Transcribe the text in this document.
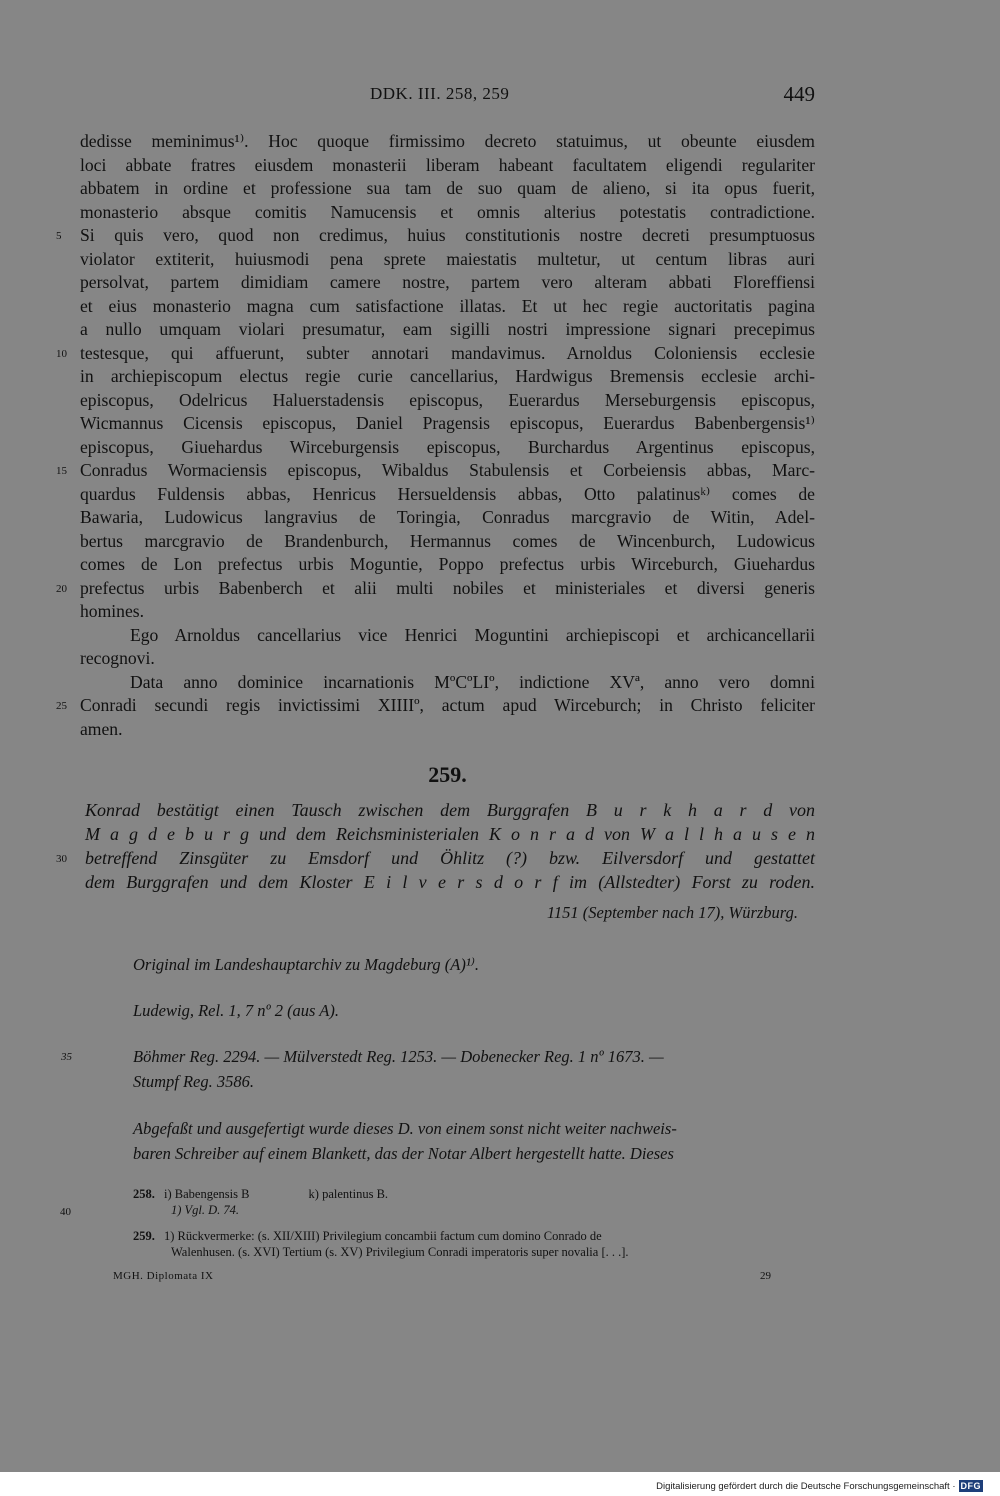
DDK. III. 258, 259	449
dedisse meminimus¹⁾. Hoc quoque firmissimo decreto statuimus, ut obeunte eiusdem
loci abbate fratres eiusdem monasterii liberam habeant facultatem eligendi regulariter
abbatem in ordine et professione sua tam de suo quam de alieno, si ita opus fuerit,
monasterio absque comitis Namucensis et omnis alterius potestatis contradictione.
5 Si quis vero, quod non credimus, huius constitutionis nostre decreti presumptuosus
violator extiterit, huiusmodi pena sprete maiestatis multetur, ut centum libras auri
persolvat, partem dimidiam camere nostre, partem vero alteram abbati Floreffiensi
et eius monasterio magna cum satisfactione illatas. Et ut hec regie auctoritatis pagina
a nullo umquam violari presumatur, eam sigilli nostri impressione signari precepimus
10 testesque, qui affuerunt, subter annotari mandavimus. Arnoldus Coloniensis ecclesie
in archiepiscopum electus regie curie cancellarius, Hardwigus Bremensis ecclesie archi-
episcopus, Odelricus Haluerstadensis episcopus, Euerardus Merseburgensis episcopus,
Wicmannus Cicensis episcopus, Daniel Pragensis episcopus, Euerardus Babenbergensis¹⁾
episcopus, Giuehardus Wirceburgensis episcopus, Burchardus Argentinus episcopus,
15 Conradus Wormaciensis episcopus, Wibaldus Stabulensis et Corbeiensis abbas, Marc-
quardus Fuldensis abbas, Henricus Hersueldensis abbas, Otto palatinusᵏ⁾ comes de
Bawaria, Ludowicus langravius de Toringia, Conradus marcgravio de Witin, Adel-
bertus marcgravio de Brandenburch, Hermannus comes de Wincenburch, Ludowicus
comes de Lon prefectus urbis Moguntie, Poppo prefectus urbis Wirceburch, Giuehardus
20 prefectus urbis Babenberch et alii multi nobiles et ministeriales et diversi generis
homines.
Ego Arnoldus cancellarius vice Henrici Moguntini archiepiscopi et archicancellarii
recognovi.
Data anno dominice incarnationis MºCºLIº, indictione XVª, anno vero domni
25 Conradi secundi regis invictissimi XIIIIº, actum apud Wirceburch; in Christo feliciter
amen.
259.
Konrad bestätigt einen Tausch zwischen dem Burggrafen B u r k h a r d von
M a g d e b u r g und dem Reichsministerialen K o n r a d von W a l l h a u s e n
30 betreffend Zinsgüter zu Emsdorf und Öhlitz (?) bzw. Eilversdorf und gestattet
dem Burggrafen und dem Kloster E i l v e r s d o r f im (Allstedter) Forst zu roden.
1151 (September nach 17), Würzburg.
Original im Landeshauptarchiv zu Magdeburg (A)¹⁾.
Ludewig, Rel. 1, 7 nº 2 (aus A).
35	Böhmer Reg. 2294. — Mülverstedt Reg. 1253. — Dobenecker Reg. 1 nº 1673. —
Stumpf Reg. 3586.
Abgefaßt und ausgefertigt wurde dieses D. von einem sonst nicht weiter nachweis-
baren Schreiber auf einem Blankett, das der Notar Albert hergestellt hatte. Dieses
258. i) Babengensis B	k) palentinus B.
1) Vgl. D. 74.
40
259. 1) Rückvermerke: (s. XII/XIII) Privilegium concambii factum cum domino Conrado de
Walenhusen. (s. XVI) Tertium (s. XV) Privilegium Conradi imperatoris super novalia [. . .].
MGH. Diplomata IX	29
Digitalisierung gefördert durch die Deutsche Forschungsgemeinschaft · DFG
